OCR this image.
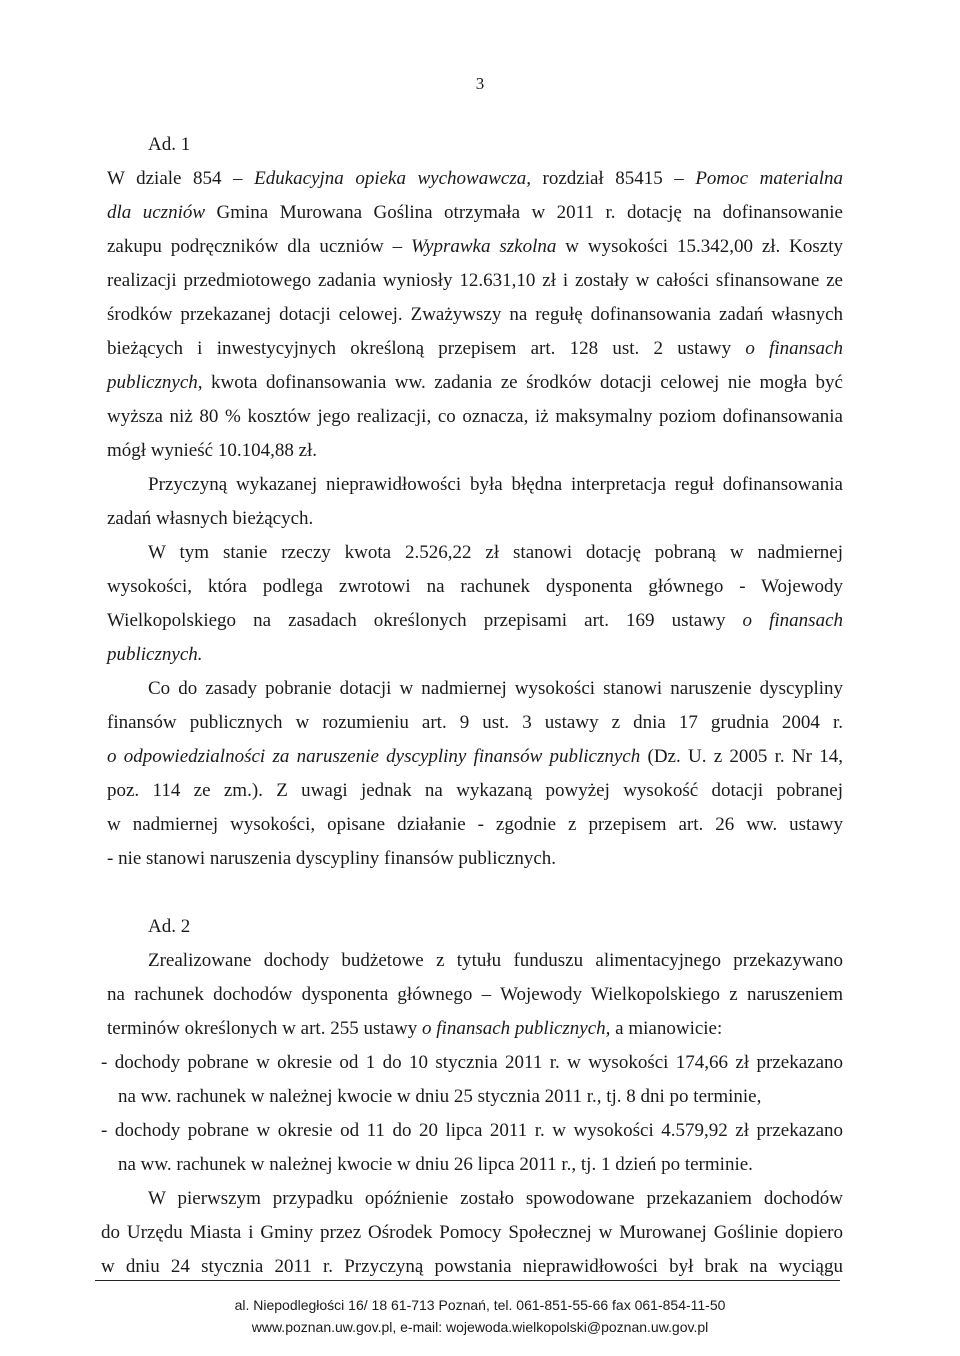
3
Ad. 1
W dziale 854 – Edukacyjna opieka wychowawcza, rozdział 85415 – Pomoc materialna
dla uczniów Gmina Murowana Goślina otrzymała w 2011 r. dotację na dofinansowanie
zakupu podręczników dla uczniów – Wyprawka szkolna w wysokości 15.342,00 zł. Koszty
realizacji przedmiotowego zadania wyniosły 12.631,10 zł i zostały w całości sfinansowane ze
środków przekazanej dotacji celowej. Zważywszy na regułę dofinansowania zadań własnych
bieżących i inwestycyjnych określoną przepisem art. 128 ust. 2 ustawy o finansach
publicznych, kwota dofinansowania ww. zadania ze środków dotacji celowej nie mogła być
wyższa niż 80 % kosztów jego realizacji, co oznacza, iż maksymalny poziom dofinansowania
mógł wynieść 10.104,88 zł.
Przyczyną wykazanej nieprawidłowości była błędna interpretacja reguł dofinansowania
zadań własnych bieżących.
W tym stanie rzeczy kwota 2.526,22 zł stanowi dotację pobraną w nadmiernej
wysokości, która podlega zwrotowi na rachunek dysponenta głównego - Wojewody
Wielkopolskiego na zasadach określonych przepisami art. 169 ustawy o finansach
publicznych.
Co do zasady pobranie dotacji w nadmiernej wysokości stanowi naruszenie dyscypliny
finansów publicznych w rozumieniu art. 9 ust. 3 ustawy z dnia 17 grudnia 2004 r.
o odpowiedzialności za naruszenie dyscypliny finansów publicznych (Dz. U. z 2005 r. Nr 14,
poz. 114 ze zm.). Z uwagi jednak na wykazaną powyżej wysokość dotacji pobranej
w nadmiernej wysokości, opisane działanie - zgodnie z przepisem art. 26 ww. ustawy
- nie stanowi naruszenia dyscypliny finansów publicznych.
Ad. 2
Zrealizowane dochody budżetowe z tytułu funduszu alimentacyjnego przekazywano
na rachunek dochodów dysponenta głównego – Wojewody Wielkopolskiego z naruszeniem
terminów określonych w art. 255 ustawy o finansach publicznych, a mianowicie:
- dochody pobrane w okresie od 1 do 10 stycznia 2011 r. w wysokości 174,66 zł przekazano
na ww. rachunek w należnej kwocie w dniu 25 stycznia 2011 r., tj. 8 dni po terminie,
- dochody pobrane w okresie od 11 do 20 lipca 2011 r. w wysokości 4.579,92 zł przekazano
na ww. rachunek w należnej kwocie w dniu 26 lipca 2011 r., tj. 1 dzień po terminie.
W pierwszym przypadku opóźnienie zostało spowodowane przekazaniem dochodów
do Urzędu Miasta i Gminy przez Ośrodek Pomocy Społecznej w Murowanej Goślinie dopiero
w dniu 24 stycznia 2011 r. Przyczyną powstania nieprawidłowości był brak na wyciągu
al. Niepodległości 16/ 18 61-713 Poznań, tel. 061-851-55-66 fax 061-854-11-50
www.poznan.uw.gov.pl, e-mail: wojewoda.wielkopolski@poznan.uw.gov.pl
